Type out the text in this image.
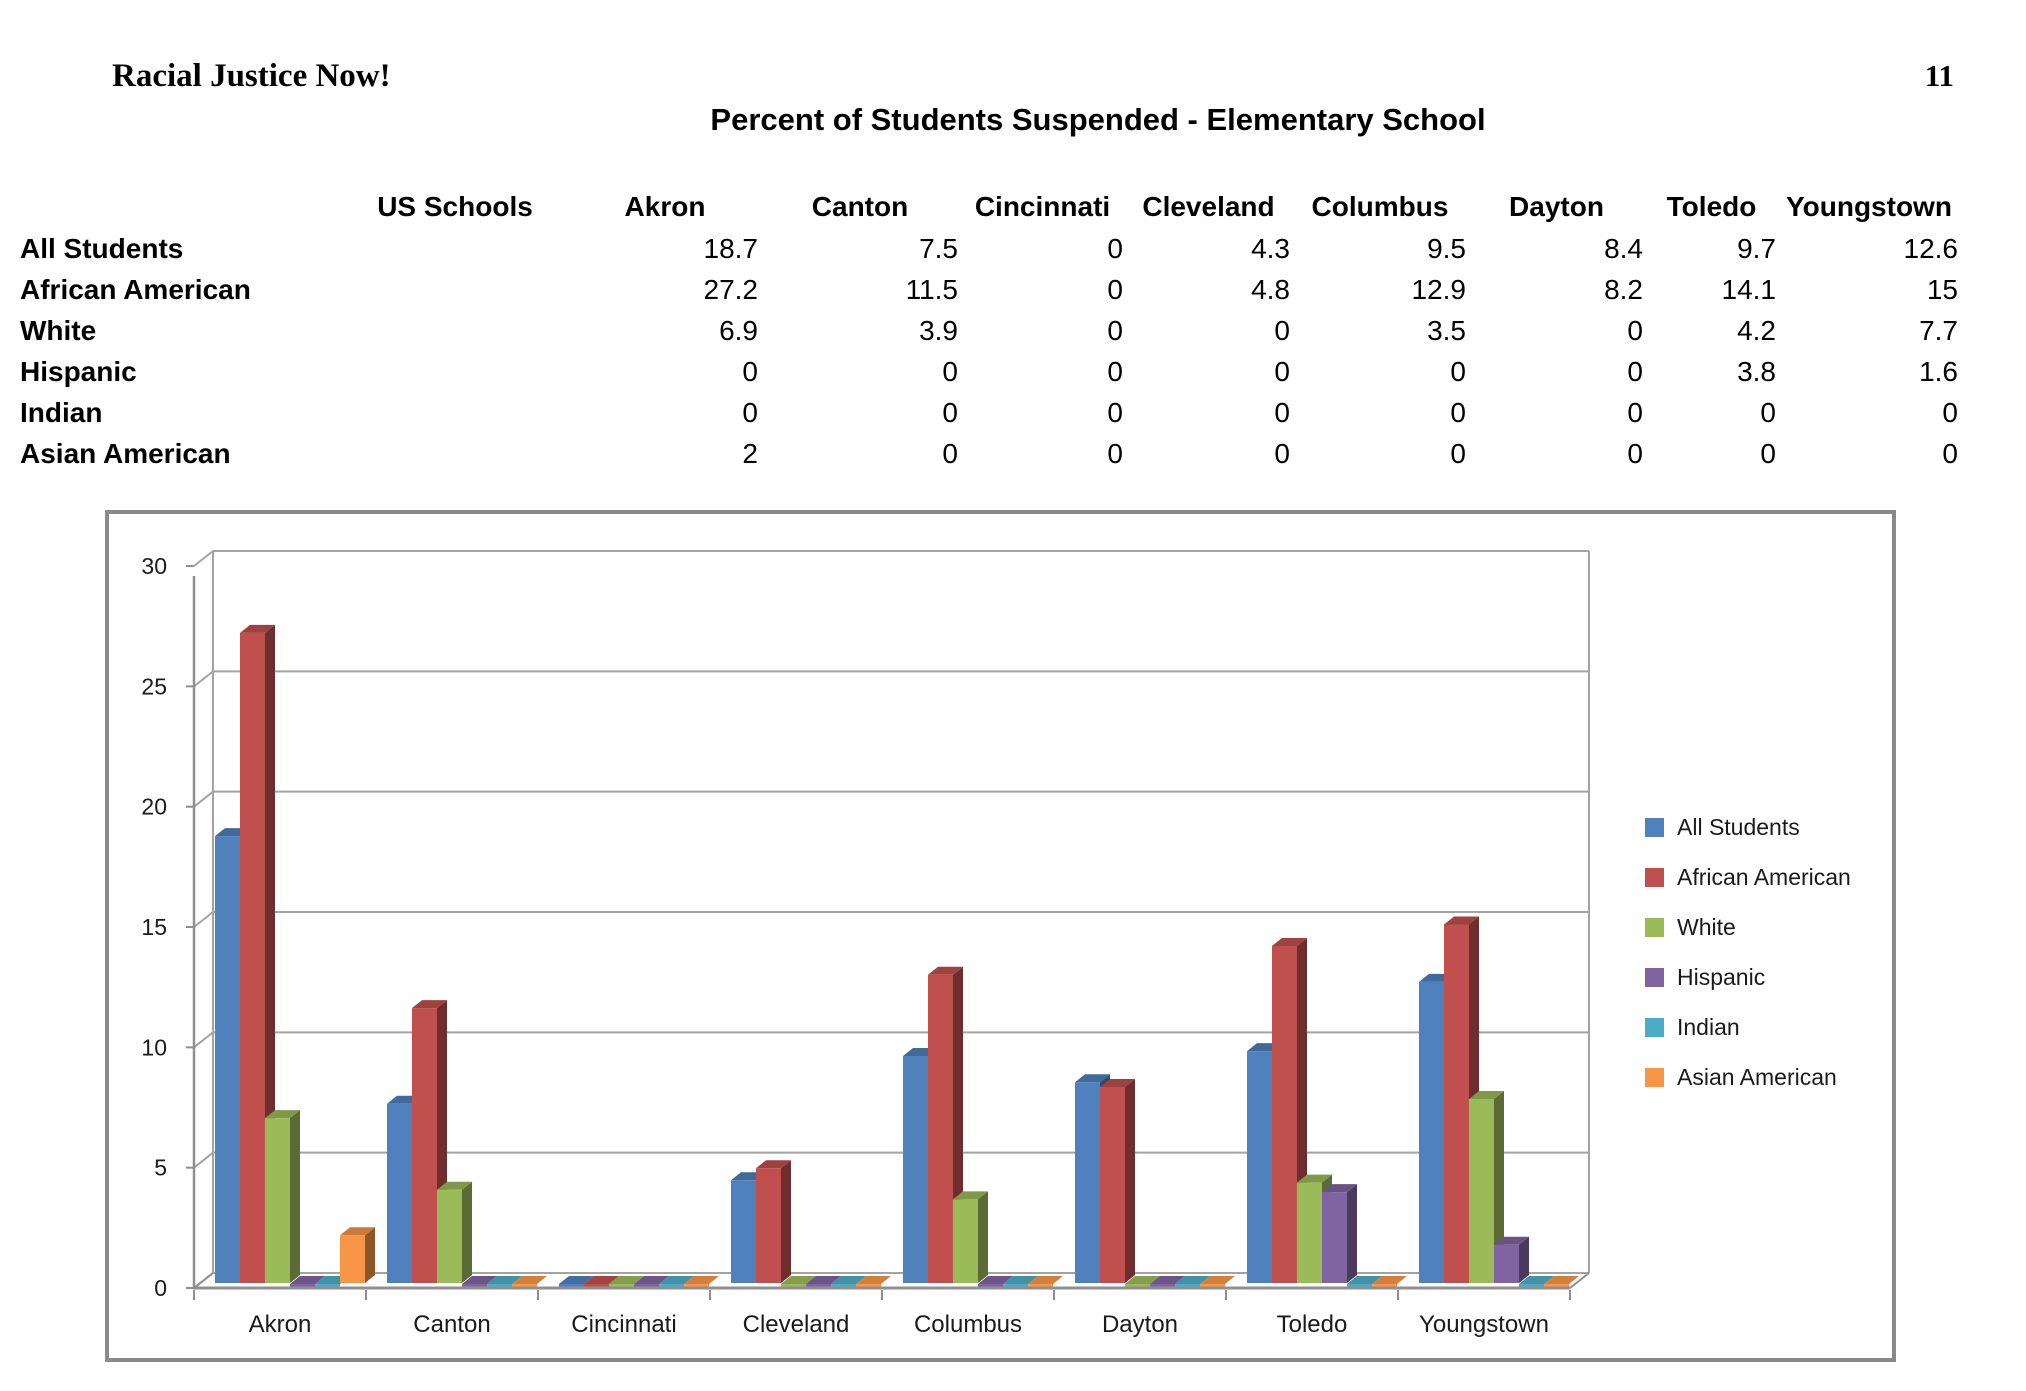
Racial Justice Now!	11
Percent of Students Suspended - Elementary School
	US Schools	Akron	Canton	Cincinnati	Cleveland	Columbus	Dayton	Toledo	Youngstown
All Students		18.7	7.5	0	4.3	9.5	8.4	9.7	12.6
African American		27.2	11.5	0	4.8	12.9	8.2	14.1	15
White		6.9	3.9	0	0	3.5	0	4.2	7.7
Hispanic		0	0	0	0	0	0	3.8	1.6
Indian		0	0	0	0	0	0	0	0
Asian American		2	0	0	0	0	0	0	0
0
5
10
15
20
25
30
Akron	Canton	Cincinnati	Cleveland	Columbus	Dayton	Toledo	Youngstown
All Students
African American
White
Hispanic
Indian
Asian American
